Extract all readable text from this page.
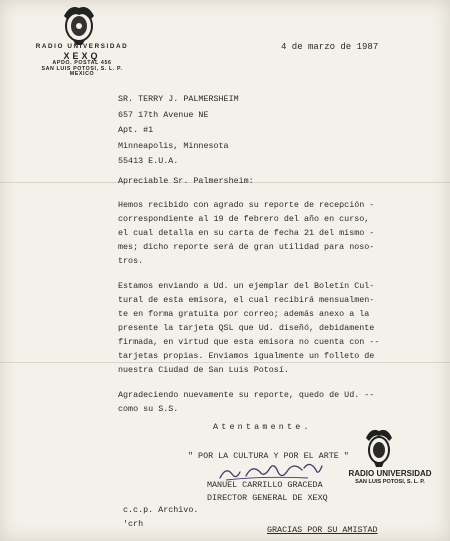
RADIO UNIVERSIDAD
XEXQ
APDO. POSTAL 456
SAN LUIS POTOSI, S. L. P.
MEXICO
4 de marzo de 1987
SR. TERRY J. PALMERSHEIM
657 17th Avenue NE
Apt. #1
Minneapolis, Minnesota
55413 E.U.A.
Apreciable Sr. Palmersheim:
Hemos recibido con agrado su reporte de recepción -
correspondiente al 19 de febrero del año en curso,
el cual detalla en su carta de fecha 21 del mismo -
mes; dicho reporte será de gran utilidad para noso-
tros.
Estamos enviando a Ud. un ejemplar del Boletín Cul-
tural de esta emisora, el cual recibirá mensualmen-
te en forma gratuita por correo; además anexo a la
presente la tarjeta QSL que Ud. diseñó, debidamente
firmada, en virtud que esta emisora no cuenta con --
tarjetas propias. Enviamos igualmente un folleto de
nuestra Ciudad de San Luis Potosí.
Agradeciendo nuevamente su reporte, quedo de Ud. --
como su S.S.
Atentamente.
" POR LA CULTURA Y POR EL ARTE "
MANUEL CARRILLO GRACEDA
DIRECTOR GENERAL DE XEXQ
RADIO UNIVERSIDAD
SAN LUIS POTOSI, S. L. P.
c.c.p. Archivo.
'crh
GRACIAS POR SU AMISTAD
